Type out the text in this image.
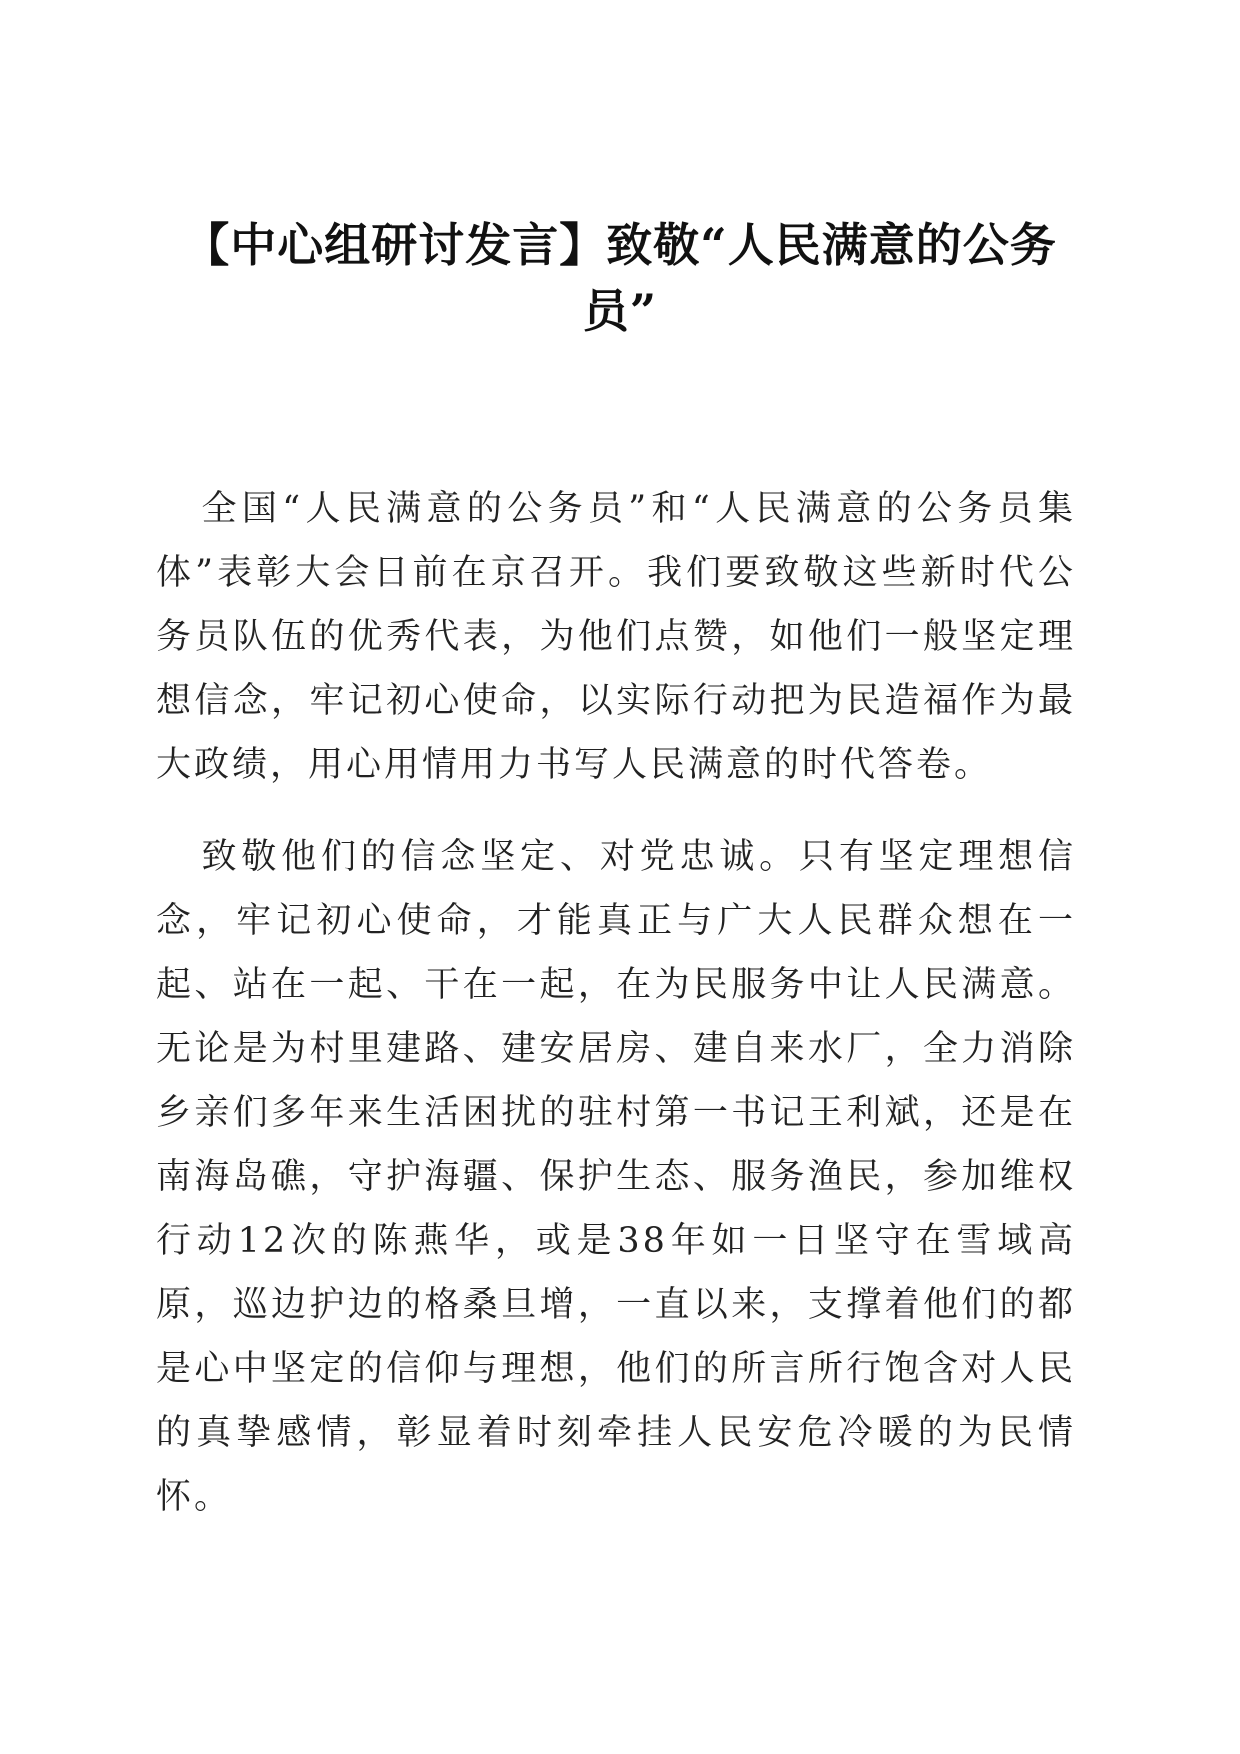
【中心组研讨发言】致敬“人民满意的公务
员”

全国“人民满意的公务员”和“人民满意的公务员集体”表彰大会日前在京召开。我们要致敬这些新时代公务员队伍的优秀代表，为他们点赞，如他们一般坚定理想信念，牢记初心使命，以实际行动把为民造福作为最大政绩，用心用情用力书写人民满意的时代答卷。

致敬他们的信念坚定、对党忠诚。只有坚定理想信念，牢记初心使命，才能真正与广大人民群众想在一起、站在一起、干在一起，在为民服务中让人民满意。无论是为村里建路、建安居房、建自来水厂，全力消除乡亲们多年来生活困扰的驻村第一书记王利斌，还是在南海岛礁，守护海疆、保护生态、服务渔民，参加维权行动12次的陈燕华，或是38年如一日坚守在雪域高原，巡边护边的格桑旦增，一直以来，支撑着他们的都是心中坚定的信仰与理想，他们的所言所行饱含对人民的真挚感情，彰显着时刻牵挂人民安危冷暖的为民情怀。
